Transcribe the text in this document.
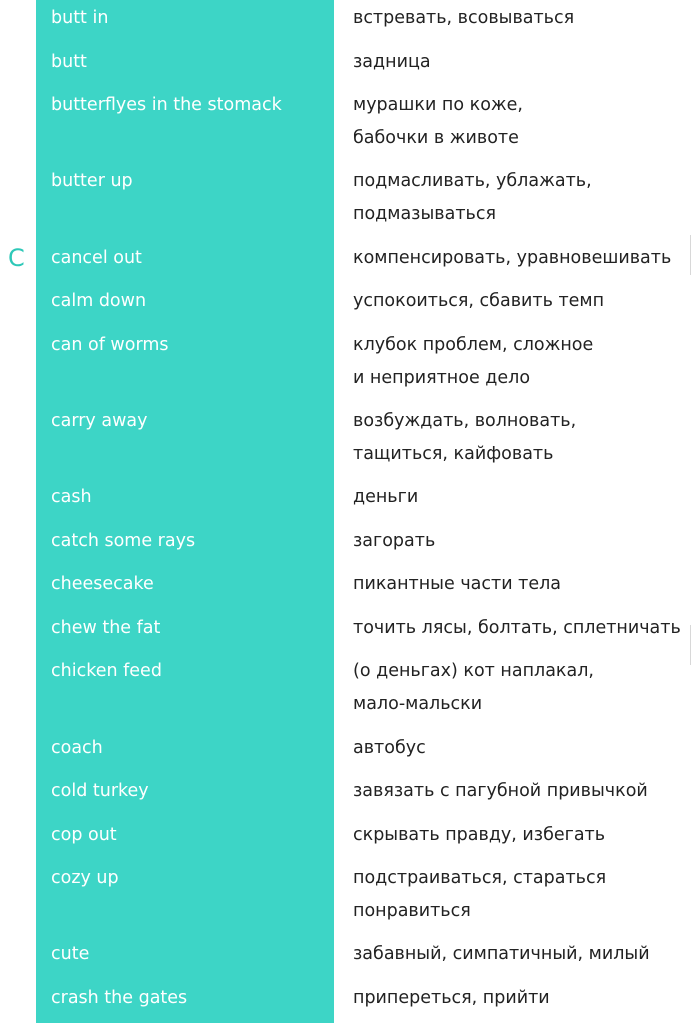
C
butt in	встревать, всовываться
butt	задница
butterflyes in the stomack	мурашки по коже,
бабочки в животе
butter up	подмасливать, ублажать,
подмазываться
cancel out	компенсировать, уравновешивать
calm down	успокоиться, сбавить темп
can of worms	клубок проблем, сложное
и неприятное дело
carry away	возбуждать, волновать,
тащиться, кайфовать
cash	деньги
catch some rays	загорать
cheesecake	пикантные части тела
chew the fat	точить лясы, болтать, сплетничать
chicken feed	(о деньгах) кот наплакал,
мало-мальски
coach	автобус
cold turkey	завязать с пагубной привычкой
cop out	скрывать правду, избегать
cozy up	подстраиваться, стараться
понравиться
cute	забавный, симпатичный, милый
crash the gates	припереться, прийти
